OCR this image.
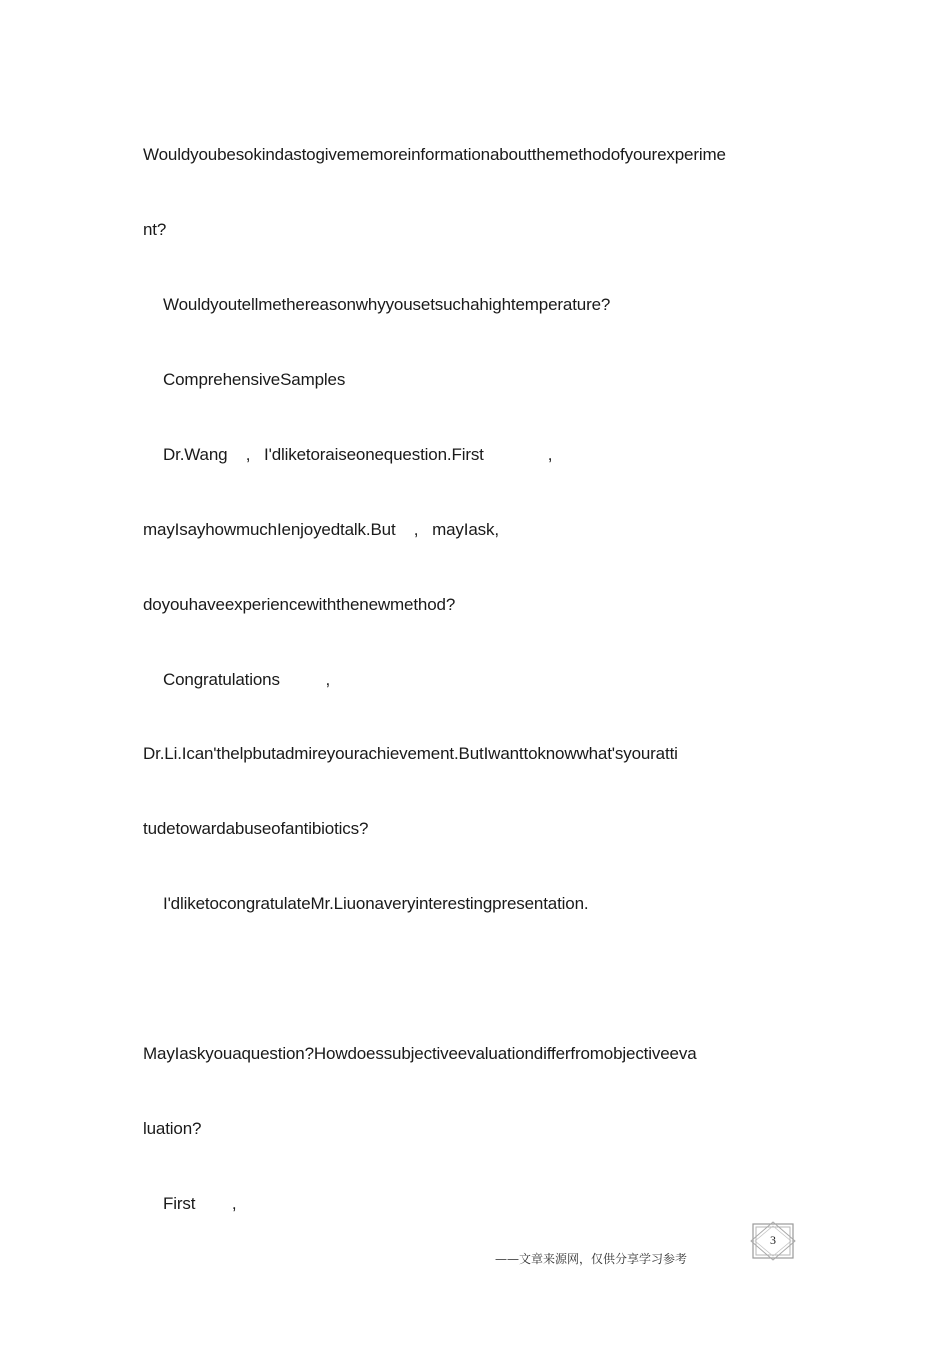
Wouldyoubesokindastogivememoreinformationaboutthemethodofyourexperime
nt?
Wouldyoutellmethereasonwhyyousetsuchahightemperature?
ComprehensiveSamples
Dr.Wang    ,   I'dliketoraiseonequestion.First              ,
mayIsayhowmuchIenjoyedtalk.But    ,   mayIask,
doyouhaveexperiencewiththenewmethod?
Congratulations          ,
Dr.Li.Ican'thelpbutadmireyourachievement.ButIwanttoknowwhat'syouratti
tudetowardabuseofantibiotics?
I'dliketocongratulateMr.Liuonaveryinterestingpresentation.
MayIaskyouaquestion?Howdoessubjectiveevaluationdifferfromobjectiveeva
luation?
First        ,
3
——文章来源网，仅供分享学习参考
